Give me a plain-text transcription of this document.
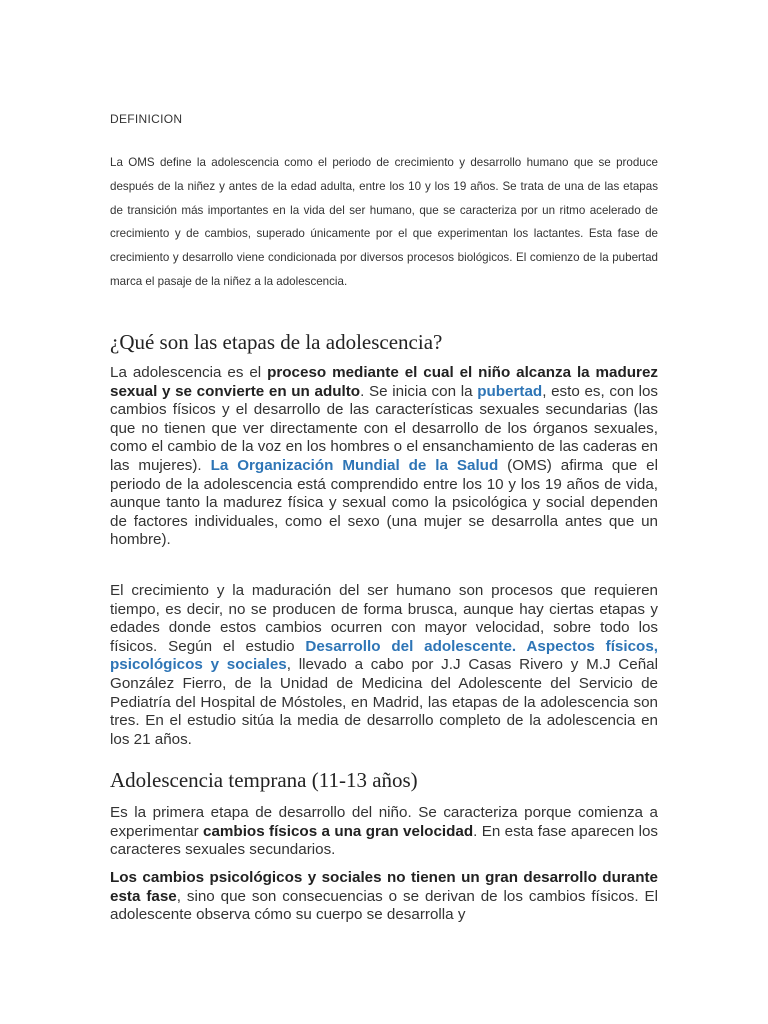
DEFINICION

La OMS define la adolescencia como el periodo de crecimiento y desarrollo humano que se produce después de la niñez y antes de la edad adulta, entre los 10 y los 19 años. Se trata de una de las etapas de transición más importantes en la vida del ser humano, que se caracteriza por un ritmo acelerado de crecimiento y de cambios, superado únicamente por el que experimentan los lactantes. Esta fase de crecimiento y desarrollo viene condicionada por diversos procesos biológicos. El comienzo de la pubertad marca el pasaje de la niñez a la adolescencia.

¿Qué son las etapas de la adolescencia?

La adolescencia es el proceso mediante el cual el niño alcanza la madurez sexual y se convierte en un adulto. Se inicia con la pubertad, esto es, con los cambios físicos y el desarrollo de las características sexuales secundarias (las que no tienen que ver directamente con el desarrollo de los órganos sexuales, como el cambio de la voz en los hombres o el ensanchamiento de las caderas en las mujeres). La Organización Mundial de la Salud (OMS) afirma que el periodo de la adolescencia está comprendido entre los 10 y los 19 años de vida, aunque tanto la madurez física y sexual como la psicológica y social dependen de factores individuales, como el sexo (una mujer se desarrolla antes que un hombre).

El crecimiento y la maduración del ser humano son procesos que requieren tiempo, es decir, no se producen de forma brusca, aunque hay ciertas etapas y edades donde estos cambios ocurren con mayor velocidad, sobre todo los físicos. Según el estudio Desarrollo del adolescente. Aspectos físicos, psicológicos y sociales, llevado a cabo por J.J Casas Rivero y M.J Ceñal González Fierro, de la Unidad de Medicina del Adolescente del Servicio de Pediatría del Hospital de Móstoles, en Madrid, las etapas de la adolescencia son tres. En el estudio sitúa la media de desarrollo completo de la adolescencia en los 21 años.

Adolescencia temprana (11-13 años)

Es la primera etapa de desarrollo del niño. Se caracteriza porque comienza a experimentar cambios físicos a una gran velocidad. En esta fase aparecen los caracteres sexuales secundarios.

Los cambios psicológicos y sociales no tienen un gran desarrollo durante esta fase, sino que son consecuencias o se derivan de los cambios físicos. El adolescente observa cómo su cuerpo se desarrolla y
